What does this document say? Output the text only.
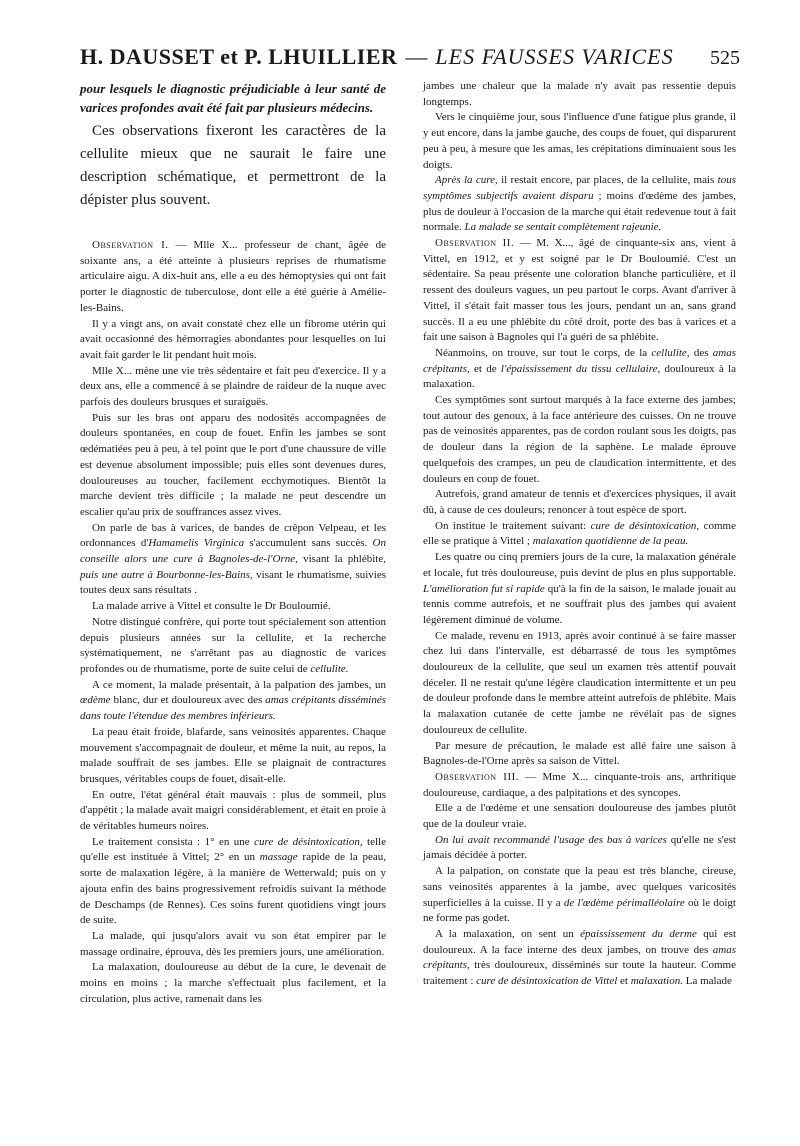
H. DAUSSET et P. LHUILLIER — LES FAUSSES VARICES 525

pour lesquels le diagnostic préjudiciable à leur santé de varices profondes avait été fait par plusieurs médecins.

Ces observations fixeront les caractères de la cellulite mieux que ne saurait le faire une description schématique, et permettront de la dépister plus souvent.

Observation I. — Mlle X... professeur de chant, âgée de soixante ans, a été atteinte à plusieurs reprises de rhumatisme articulaire aigu. A dix-huit ans, elle a eu des hémoptysies qui ont fait porter le diagnostic de tuberculose, dont elle a été guérie à Amélie-les-Bains.

Il y a vingt ans, on avait constaté chez elle un fibrome utérin qui avait occasionné des hémorragies abondantes pour lesquelles on lui avait fait garder le lit pendant huit mois.

Mlle X... mène une vie très sédentaire et fait peu d'exercice. Il y a deux ans, elle a commencé à se plaindre de raideur de la nuque avec parfois des douleurs brusques et suraiguës.

Puis sur les bras ont apparu des nodosités accompagnées de douleurs spontanées, en coup de fouet. Enfin les jambes se sont œdématiées peu à peu, à tel point que le port d'une chaussure de ville est devenue absolument impossible; puis elles sont devenues dures, douloureuses au toucher, facilement ecchymotiques. Bientôt la marche devient très difficile ; la malade ne peut descendre un escalier qu'au prix de souffrances assez vives.

On parle de bas à varices, de bandes de crêpon Velpeau, et les ordonnances d'Hamamelis Virginica s'accumulent sans succès. On conseille alors une cure à Bagnoles-de-l'Orne, visant la phlébite, puis une autre à Bourbonne-les-Bains, visant le rhumatisme, suivies toutes deux sans résultats .

La malade arrive à Vittel et consulte le Dr Bouloumié.

Notre distingué confrère, qui porte tout spécialement son attention depuis plusieurs années sur la cellulite, et la recherche systématiquement, ne s'arrêtant pas au diagnostic de varices profondes ou de rhumatisme, porte de suite celui de cellulite.

A ce moment, la malade présentait, à la palpation des jambes, un œdème blanc, dur et douloureux avec des amas crépitants disséminés dans toute l'étendue des membres inférieurs.

La peau était froide, blafarde, sans veinosités apparentes. Chaque mouvement s'accompagnait de douleur, et même la nuit, au repos, la malade souffrait de ses jambes. Elle se plaignait de contractures brusques, véritables coups de fouet, disait-elle.

En outre, l'état général était mauvais : plus de sommeil, plus d'appétit ; la malade avait maigri considérablement, et était en proie à de véritables humeurs noires.

Le traitement consista : 1° en une cure de désintoxication, telle qu'elle est instituée à Vittel; 2° en un massage rapide de la peau, sorte de malaxation légère, à la manière de Wetterwald; puis on y ajouta enfin des bains progressivement refroidis suivant la méthode de Deschamps (de Rennes). Ces soins furent quotidiens vingt jours de suite.

La malade, qui jusqu'alors avait vu son état empirer par le massage ordinaire, éprouva, dès les premiers jours, une amélioration.

La malaxation, douloureuse au début de la cure, le devenait de moins en moins ; la marche s'effectuait plus facilement, et la circulation, plus active, ramenait dans les

jambes une chaleur que la malade n'y avait pas ressentie depuis longtemps.

Vers le cinquième jour, sous l'influence d'une fatigue plus grande, il y eut encore, dans la jambe gauche, des coups de fouet, qui disparurent peu à peu, à mesure que les amas, les crépitations diminuaient sous les doigts.

Après la cure, il restait encore, par places, de la cellulite, mais tous symptômes subjectifs avaient disparu ; moins d'œdème des jambes, plus de douleur à l'occasion de la marche qui était redevenue tout à fait normale. La malade se sentait complètement rajeunie.

Observation II. — M. X..., âgé de cinquante-six ans, vient à Vittel, en 1912, et y est soigné par le Dr Bouloumié. C'est un sédentaire. Sa peau présente une coloration blanche particulière, et il ressent des douleurs vagues, un peu partout le corps. Avant d'arriver à Vittel, il s'était fait masser tous les jours, pendant un an, sans grand succès. Il a eu une phlébite du côté droit, porte des bas à varices et a fait une saison à Bagnoles qui l'a guéri de sa phlébite.

Néanmoins, on trouve, sur tout le corps, de la cellulite, des amas crépitants, et de l'épaississement du tissu cellulaire, douloureux à la malaxation.

Ces symptômes sont surtout marqués à la face externe des jambes; tout autour des genoux, à la face antérieure des cuisses. On ne trouve pas de veinosités apparentes, pas de cordon roulant sous les doigts, pas de douleur dans la région de la saphène. Le malade éprouve quelquefois des crampes, un peu de claudication intermittente, et des douleurs en coup de fouet.

Autrefois, grand amateur de tennis et d'exercices physiques, il avait dû, à cause de ces douleurs; renoncer à tout espèce de sport.

On institue le traitement suivant: cure de désintoxication, comme elle se pratique à Vittel ; malaxation quotidienne de la peau.

Les quatre ou cinq premiers jours de la cure, la malaxation générale et locale, fut très douloureuse, puis devint de plus en plus supportable. L'amélioration fut si rapide qu'à la fin de la saison, le malade jouait au tennis comme autrefois, et ne souffrait plus des jambes qui avaient légèrement diminué de volume.

Ce malade, revenu en 1913, après avoir continué à se faire masser chez lui dans l'intervalle, est débarrassé de tous les symptômes douloureux de la cellulite, que seul un examen très attentif pouvait déceler. Il ne restait qu'une légère claudication intermittente et un peu de douleur profonde dans le membre atteint autrefois de phlébite. Mais la malaxation cutanée de cette jambe ne révélait pas de signes douloureux de cellulite.

Par mesure de précaution, le malade est allé faire une saison à Bagnoles-de-l'Orne après sa saison de Vittel.

Observation III. — Mme X... cinquante-trois ans, arthritique douloureuse, cardiaque, a des palpitations et des syncopes.

Elle a de l'œdème et une sensation douloureuse des jambes plutôt que de la douleur vraie.

On lui avait recommandé l'usage des bas à varices qu'elle ne s'est jamais décidée à porter.

A la palpation, on constate que la peau est très blanche, cireuse, sans veinosités apparentes à la jambe, avec quelques varicosités superficielles à la cuisse. Il y a de l'œdème périmalléolaire où le doigt ne forme pas godet.

A la malaxation, on sent un épaississement du derme qui est douloureux. A la face interne des deux jambes, on trouve des amas crépitants, très douloureux, disséminés sur toute la hauteur. Comme traitement : cure de désintoxication de Vittel et malaxation. La malade
